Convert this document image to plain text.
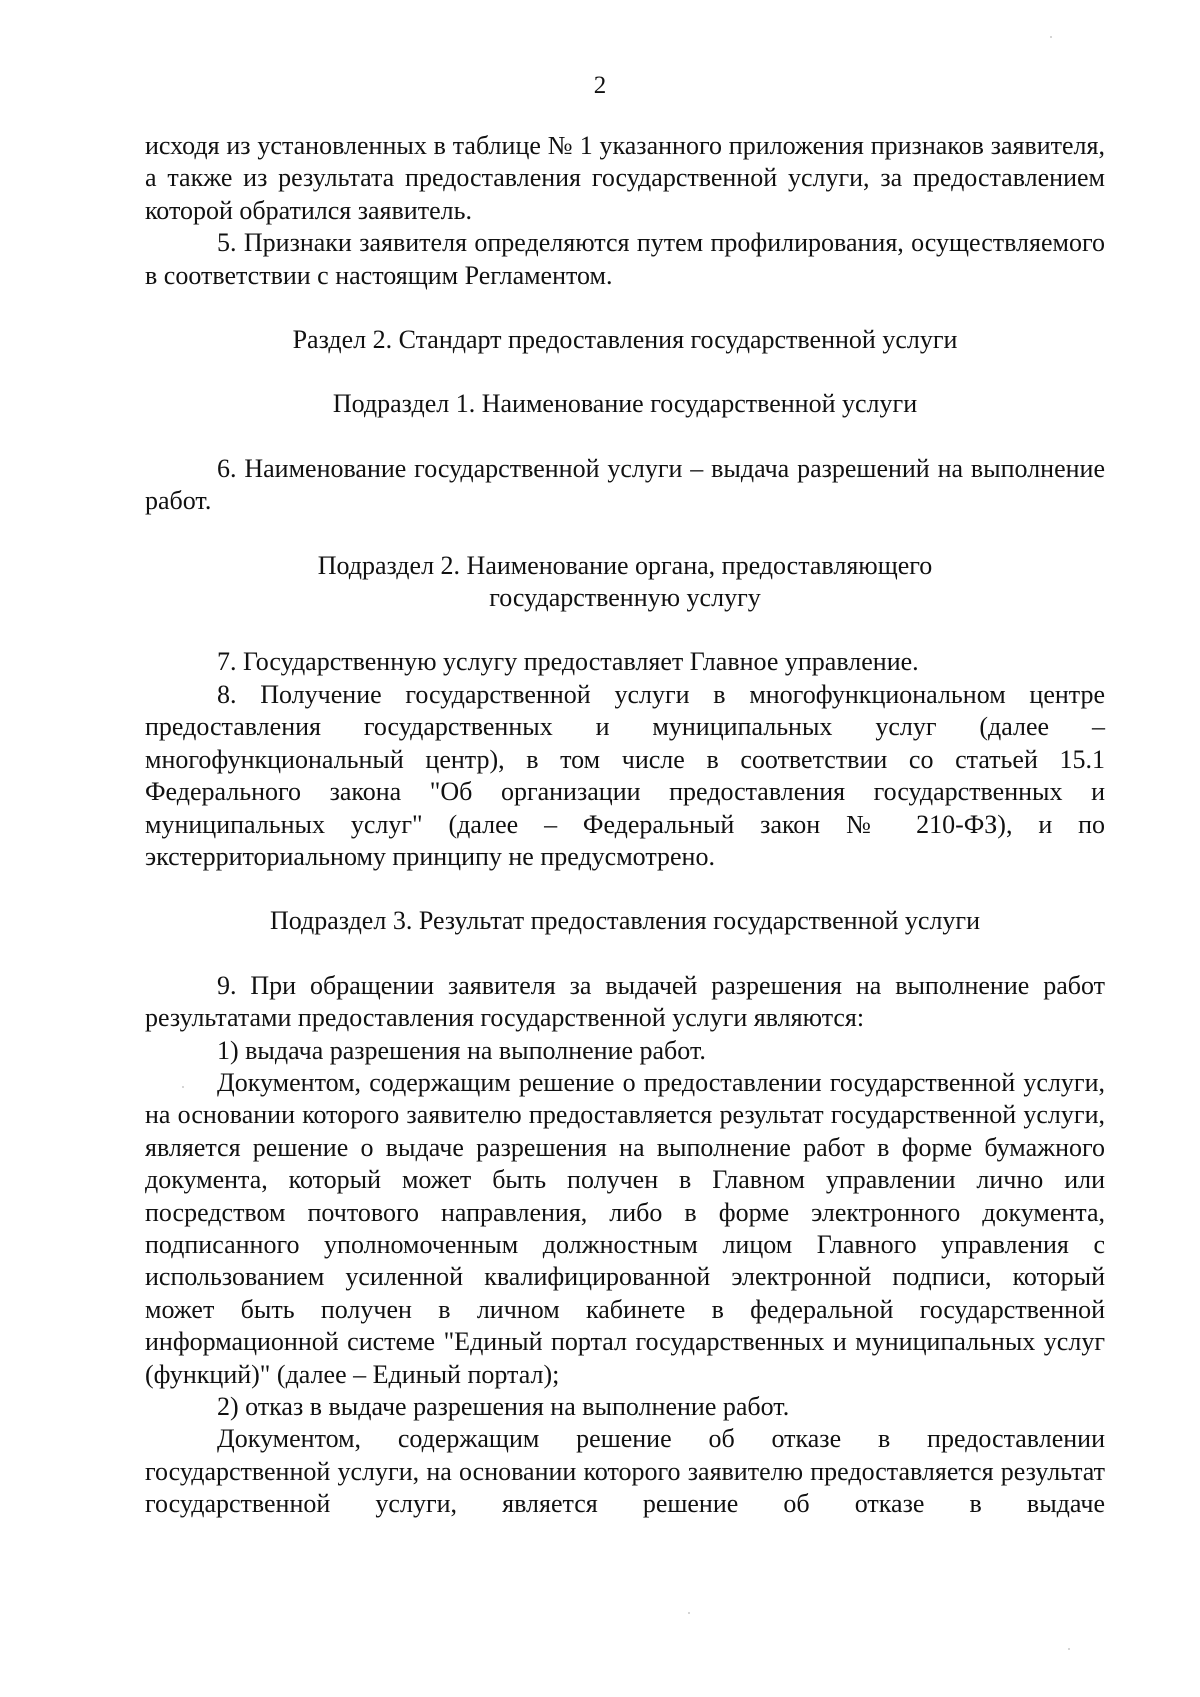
2

исходя из установленных в таблице № 1 указанного приложения признаков заявителя, а также из результата предоставления государственной услуги, за предоставлением которой обратился заявитель.

5. Признаки заявителя определяются путем профилирования, осуществляемого в соответствии с настоящим Регламентом.

Раздел 2. Стандарт предоставления государственной услуги

Подраздел 1. Наименование государственной услуги

6. Наименование государственной услуги – выдача разрешений на выполнение работ.

Подраздел 2. Наименование органа, предоставляющего
государственную услугу

7. Государственную услугу предоставляет Главное управление.

8. Получение государственной услуги в многофункциональном центре предоставления государственных и муниципальных услуг (далее – многофункциональный центр), в том числе в соответствии со статьей 15.1 Федерального закона "Об организации предоставления государственных и муниципальных услуг" (далее – Федеральный закон № 210-ФЗ), и по экстерриториальному принципу не предусмотрено.

Подраздел 3. Результат предоставления государственной услуги

9. При обращении заявителя за выдачей разрешения на выполнение работ результатами предоставления государственной услуги являются:

1) выдача разрешения на выполнение работ.

Документом, содержащим решение о предоставлении государственной услуги, на основании которого заявителю предоставляется результат государственной услуги, является решение о выдаче разрешения на выполнение работ в форме бумажного документа, который может быть получен в Главном управлении лично или посредством почтового направления, либо в форме электронного документа, подписанного уполномоченным должностным лицом Главного управления с использованием усиленной квалифицированной электронной подписи, который может быть получен в личном кабинете в федеральной государственной информационной системе "Единый портал государственных и муниципальных услуг (функций)" (далее – Единый портал);

2) отказ в выдаче разрешения на выполнение работ.

Документом, содержащим решение об отказе в предоставлении государственной услуги, на основании которого заявителю предоставляется результат государственной услуги, является решение об отказе в выдаче
